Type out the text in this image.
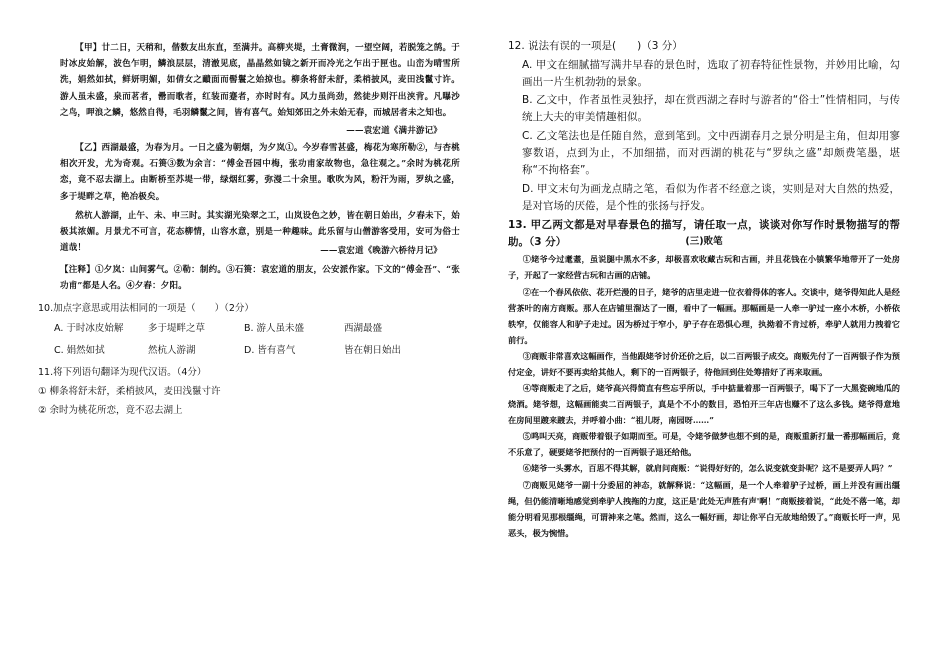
【甲】廿二日，天稍和，偕数友出东直，至满井。高柳夹堤，土膏微润，一望空阔，若脱笼之鹄。于时冰皮始解，波色乍明，鳞浪层层，清澈见底，晶晶然如镜之新开而冷光之乍出于匣也。山峦为晴雪所洗，娟然如拭，鲜妍明媚，如倩女之靧面而髻鬟之始掠也。柳条将舒未舒，柔梢披风，麦田浅鬣寸许。游人虽未盛，泉而茗者，罍而歌者，红装而蹇者，亦时时有。风力虽尚劲，然徒步则汗出浃背。凡曝沙之鸟，呷浪之鳞，悠然自得，毛羽鳞鬣之间，皆有喜气。始知郊田之外未始无春，而城居者未之知也。
——袁宏道《满井游记》
【乙】西湖最盛，为春为月。一日之盛为朝烟，为夕岚①。今岁春雪甚盛，梅花为寒所勒②，与杏桃相次开发，尤为奇观。石篑③数为余言：“傅金吾园中梅，张功甫家故物也，急往观之。”余时为桃花所恋，竟不忍去湖上。由断桥至苏堤一带，绿烟红雾，弥漫二十余里。歌吹为风，粉汗为雨，罗纨之盛，多于堤畔之草，艳冶极矣。
然杭人游湖，止午、未、申三时。其实湖光染翠之工，山岚设色之妙，皆在朝日始出，夕舂未下，始极其浓媚。月景尤不可言，花态柳情，山容水意，别是一种趣味。此乐留与山僧游客受用，安可为俗士道哉！	——袁宏道《晚游六桥待月记》
【注释】①夕岚：山间雾气。②勒：制约。③石篑：袁宏道的朋友，公安派作家。下文的“傅金吾”、“张功甫”都是人名。④夕舂：夕阳。
10.加点字意思或用法相同的一项是（　　）（2分）
A. 于时冰皮始解	多于堤畔之草	B. 游人虽未盛	西湖最盛
C. 娟然如拭	然杭人游湖	D. 皆有喜气	皆在朝日始出
11.将下列语句翻译为现代汉语。（4分）
① 柳条将舒未舒，柔梢披风，麦田浅鬣寸许
② 余时为桃花所恋，竟不忍去湖上
12. 说法有误的一项是(　　)（3 分）
A. 甲文在细腻描写满井早春的景色时，选取了初春特征性景物，并妙用比喻，勾画出一片生机勃勃的景象。
B. 乙文中，作者虽性灵独抒，却在赏西湖之春时与游者的“俗士”性情相同，与传统上大夫的审美情趣相似。
C. 乙文笔法也是任随自然，意到笔到。文中西湖春月之景分明是主角，但却用寥寥数语，点到为止，不加细描，而对西湖的桃花与“罗纨之盛”却颇费笔墨，堪称“不拘格套”。
D. 甲文末句为画龙点睛之笔，看似为作者不经意之谈，实则是对大自然的热爱，是对官场的厌倦，是个性的张扬与抒发。
13. 甲乙两文都是对早春景色的描写，请任取一点，谈谈对你写作时景物描写的帮助。（3 分）	(三)败笔
①姥爷今过耄耋，虽说腿中黑水不多，却极喜欢收藏古玩和古画，并且花钱在小镇繁华地带开了一处房子，开起了一家经营古玩和古画的店铺。
②在一个春风依依、花开烂漫的日子，姥爷的店里走进一位衣着得体的客人。交谈中，姥爷得知此人是经营茶叶的南方商贩。那人在店铺里溜达了一圈，看中了一幅画。那幅画是一人牵一驴过一座小木桥，小桥依轶窄，仅能容人和驴子走过。因为桥过于窄小，驴子存在恐惧心理，执拗着不肯过桥，牵驴人就用力拽着它前行。
③商贩非常喜欢这幅画作，当他跟姥爷讨价还价之后，以二百两银子成交。商贩先付了一百两银子作为预付定金，讲好不要再卖给其他人，剩下的一百两银子，待他回到住处筹措好了再来取画。
④等商贩走了之后，姥爷高兴得简直有些忘乎所以，手中掂量着那一百两银子，喝下了一大黑瓷碗地瓜的烧酒。姥爷想，这幅画能卖二百两银子，真是个不小的数目，恐怕开三年店也赚不了这么多钱。姥爷得意地在房间里踱来踱去，并呼着小曲：“祖儿呀，南园呀……”
⑤鸣叫天亮，商贩带着银子如期而至。可是，令姥爷做梦也想不到的是，商贩重新打量一番那幅画后，竟不乐意了，硬要姥爷把预付的一百两银子退还给他。
⑥姥爷一头雾水，百思不得其解，就肩问商贩：“说得好好的，怎么说变就变卦呢？这不是要弄人吗？”
⑦商贩见姥爷一副十分委屈的神态，就解释说：“这幅画，是一个人牵着驴子过桥，画上并没有画出缰绳，但仍能清晰地感觉到牵驴人拽拖的力度，这正是'此处无声胜有声'啊！”商贩接着说，“此处不落一笔，却能分明看见那根缰绳，可谓神来之笔。然而，这么一幅好画，却让你平白无故地给毁了。”商贩长吁一声，见恶头，极为惋惜。
